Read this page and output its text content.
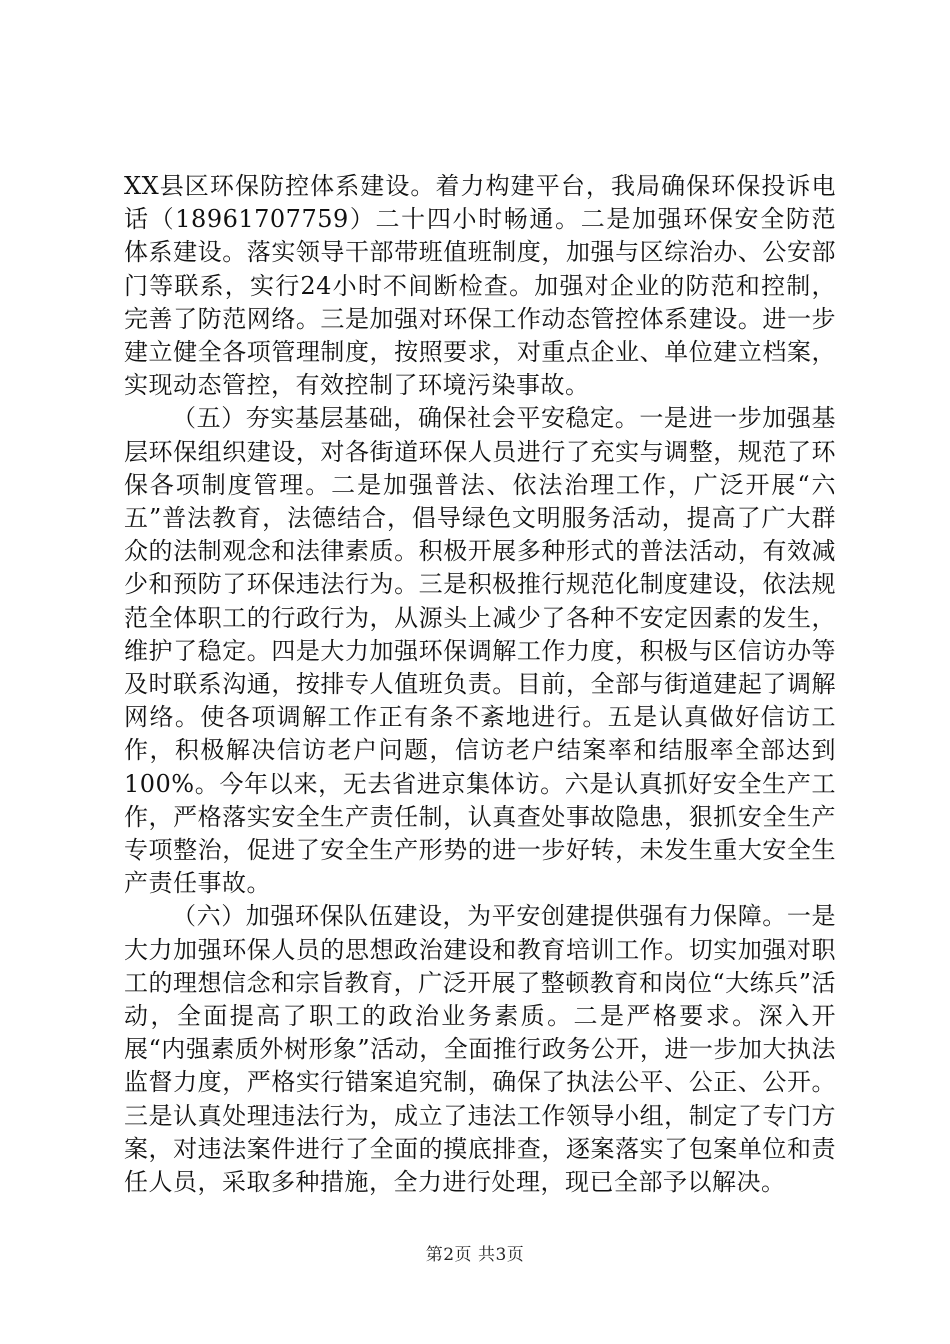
XX县区环保防控体系建设。着力构建平台，我局确保环保投诉电话（18961707759）二十四小时畅通。二是加强环保安全防范体系建设。落实领导干部带班值班制度，加强与区综治办、公安部门等联系，实行24小时不间断检查。加强对企业的防范和控制，完善了防范网络。三是加强对环保工作动态管控体系建设。进一步建立健全各项管理制度，按照要求，对重点企业、单位建立档案，实现动态管控，有效控制了环境污染事故。

（五）夯实基层基础，确保社会平安稳定。一是进一步加强基层环保组织建设，对各街道环保人员进行了充实与调整，规范了环保各项制度管理。二是加强普法、依法治理工作，广泛开展“六五”普法教育，法德结合，倡导绿色文明服务活动，提高了广大群众的法制观念和法律素质。积极开展多种形式的普法活动，有效减少和预防了环保违法行为。三是积极推行规范化制度建设，依法规范全体职工的行政行为，从源头上减少了各种不安定因素的发生，维护了稳定。四是大力加强环保调解工作力度，积极与区信访办等及时联系沟通，按排专人值班负责。目前，全部与街道建起了调解网络。使各项调解工作正有条不紊地进行。五是认真做好信访工作，积极解决信访老户问题，信访老户结案率和结服率全部达到100%。今年以来，无去省进京集体访。六是认真抓好安全生产工作，严格落实安全生产责任制，认真查处事故隐患，狠抓安全生产专项整治，促进了安全生产形势的进一步好转，未发生重大安全生产责任事故。

（六）加强环保队伍建设，为平安创建提供强有力保障。一是大力加强环保人员的思想政治建设和教育培训工作。切实加强对职工的理想信念和宗旨教育，广泛开展了整顿教育和岗位“大练兵”活动，全面提高了职工的政治业务素质。二是严格要求。深入开展“内强素质外树形象”活动，全面推行政务公开，进一步加大执法监督力度，严格实行错案追究制，确保了执法公平、公正、公开。三是认真处理违法行为，成立了违法工作领导小组，制定了专门方案，对违法案件进行了全面的摸底排查，逐案落实了包案单位和责任人员，采取多种措施，全力进行处理，现已全部予以解决。

第2页 共3页
